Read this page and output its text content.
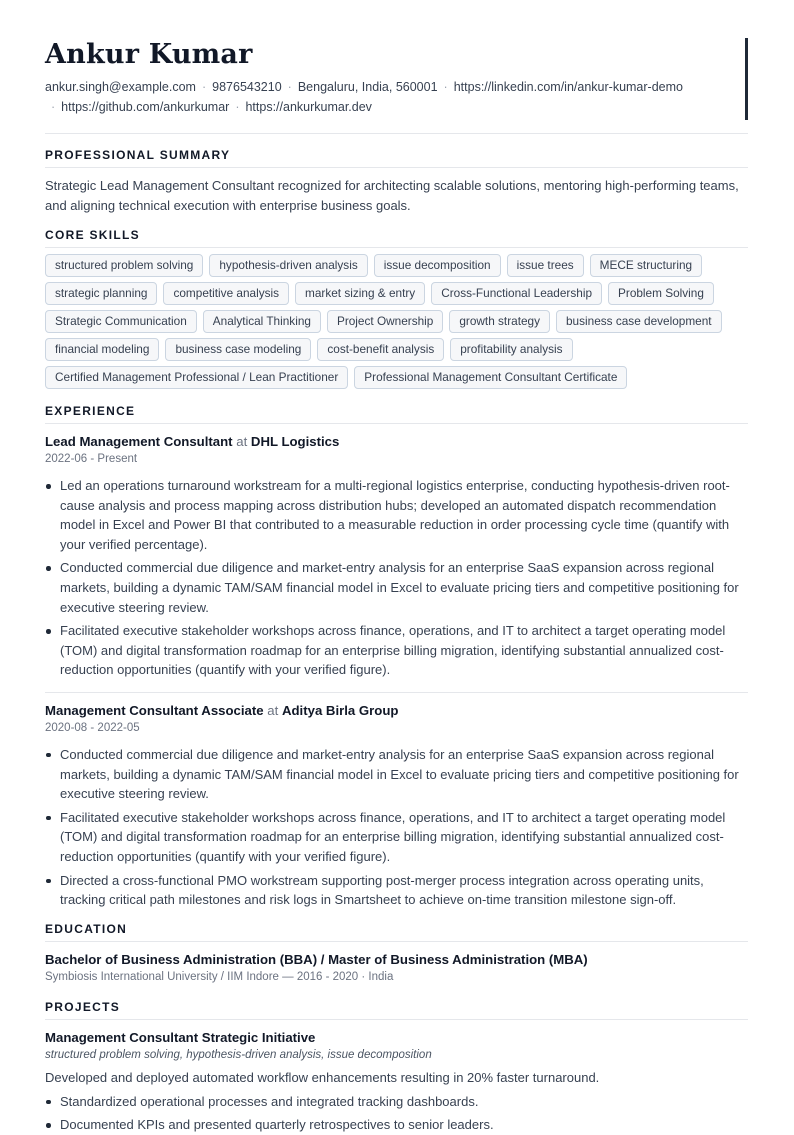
Ankur Kumar
ankur.singh@example.com · 9876543210 · Bengaluru, India, 560001 · https://linkedin.com/in/ankur-kumar-demo
· https://github.com/ankurkumar · https://ankurkumar.dev
PROFESSIONAL SUMMARY

Strategic Lead Management Consultant recognized for architecting scalable solutions, mentoring high-performing teams, and aligning technical execution with enterprise business goals.

CORE SKILLS
structured problem solving	hypothesis-driven analysis	issue decomposition	issue trees	MECE structuring
strategic planning	competitive analysis	market sizing & entry	Cross-Functional Leadership	Problem Solving
Strategic Communication	Analytical Thinking	Project Ownership	growth strategy	business case development
financial modeling	business case modeling	cost-benefit analysis	profitability analysis
Certified Management Professional / Lean Practitioner	Professional Management Consultant Certificate
EXPERIENCE
Lead Management Consultant at DHL Logistics
2022-06 - Present
Led an operations turnaround workstream for a multi-regional logistics enterprise, conducting hypothesis-driven root-cause analysis and process mapping across distribution hubs; developed an automated dispatch recommendation model in Excel and Power BI that contributed to a measurable reduction in order processing cycle time (quantify with your verified percentage).
Conducted commercial due diligence and market-entry analysis for an enterprise SaaS expansion across regional markets, building a dynamic TAM/SAM financial model in Excel to evaluate pricing tiers and competitive positioning for executive steering review.
Facilitated executive stakeholder workshops across finance, operations, and IT to architect a target operating model (TOM) and digital transformation roadmap for an enterprise billing migration, identifying substantial annualized cost-reduction opportunities (quantify with your verified figure).
Management Consultant Associate at Aditya Birla Group
2020-08 - 2022-05
Conducted commercial due diligence and market-entry analysis for an enterprise SaaS expansion across regional markets, building a dynamic TAM/SAM financial model in Excel to evaluate pricing tiers and competitive positioning for executive steering review.
Facilitated executive stakeholder workshops across finance, operations, and IT to architect a target operating model (TOM) and digital transformation roadmap for an enterprise billing migration, identifying substantial annualized cost-reduction opportunities (quantify with your verified figure).
Directed a cross-functional PMO workstream supporting post-merger process integration across operating units, tracking critical path milestones and risk logs in Smartsheet to achieve on-time transition milestone sign-off.
EDUCATION
Bachelor of Business Administration (BBA) / Master of Business Administration (MBA)
Symbiosis International University / IIM Indore — 2016 - 2020 · India
PROJECTS
Management Consultant Strategic Initiative
structured problem solving, hypothesis-driven analysis, issue decomposition
Developed and deployed automated workflow enhancements resulting in 20% faster turnaround.
Standardized operational processes and integrated tracking dashboards.
Documented KPIs and presented quarterly retrospectives to senior leaders.
